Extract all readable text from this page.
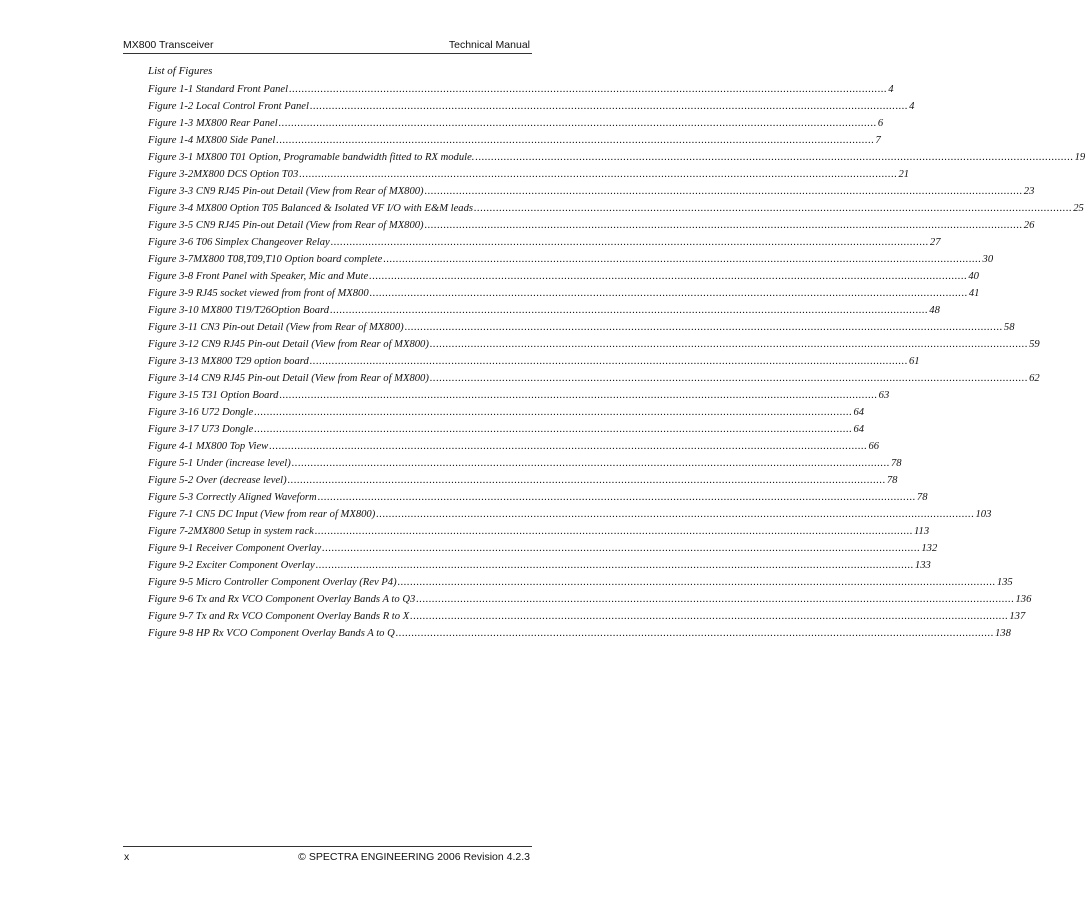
MX800 Transceiver	Technical Manual
List of Figures
Figure 1-1 Standard Front Panel .....	4
Figure 1-2 Local Control Front Panel .....	4
Figure 1-3 MX800 Rear Panel .....	6
Figure 1-4 MX800 Side Panel .....	7
Figure 3-1 MX800 T01 Option, Programable bandwidth fitted to RX module. .....	19
Figure 3-2MX800 DCS Option T03 .....	21
Figure 3-3 CN9 RJ45 Pin-out Detail (View from Rear of MX800) .....	23
Figure 3-4 MX800 Option T05 Balanced & Isolated VF I/O with E&M leads .....	25
Figure 3-5 CN9 RJ45 Pin-out Detail (View from Rear of MX800) .....	26
Figure 3-6 T06 Simplex Changeover Relay .....	27
Figure 3-7MX800 T08,T09,T10 Option board complete .....	30
Figure 3-8 Front Panel with Speaker, Mic and Mute .....	40
Figure 3-9 RJ45 socket viewed from front of MX800 .....	41
Figure 3-10 MX800 T19/T26Option Board .....	48
Figure 3-11 CN3 Pin-out Detail (View from Rear of MX800) .....	58
Figure 3-12 CN9 RJ45 Pin-out Detail (View from Rear of MX800) .....	59
Figure 3-13 MX800 T29 option board .....	61
Figure 3-14 CN9 RJ45 Pin-out Detail (View from Rear of MX800) .....	62
Figure 3-15 T31 Option Board .....	63
Figure 3-16 U72 Dongle .....	64
Figure 3-17 U73 Dongle .....	64
Figure 4-1 MX800 Top View .....	66
Figure 5-1 Under (increase level) .....	78
Figure 5-2 Over (decrease level) .....	78
Figure 5-3 Correctly Aligned Waveform .....	78
Figure 7-1 CN5 DC Input (View from rear of MX800) .....	103
Figure 7-2MX800 Setup in system rack .....	113
Figure 9-1 Receiver Component Overlay .....	132
Figure 9-2 Exciter Component Overlay .....	133
Figure 9-5 Micro Controller Component Overlay (Rev P4) .....	135
Figure 9-6 Tx and Rx VCO Component Overlay Bands A to Q3 .....	136
Figure 9-7 Tx and Rx VCO Component Overlay Bands R to X .....	137
Figure 9-8 HP Rx VCO Component Overlay Bands A to Q .....	138
x	© SPECTRA ENGINEERING 2006 Revision 4.2.3
